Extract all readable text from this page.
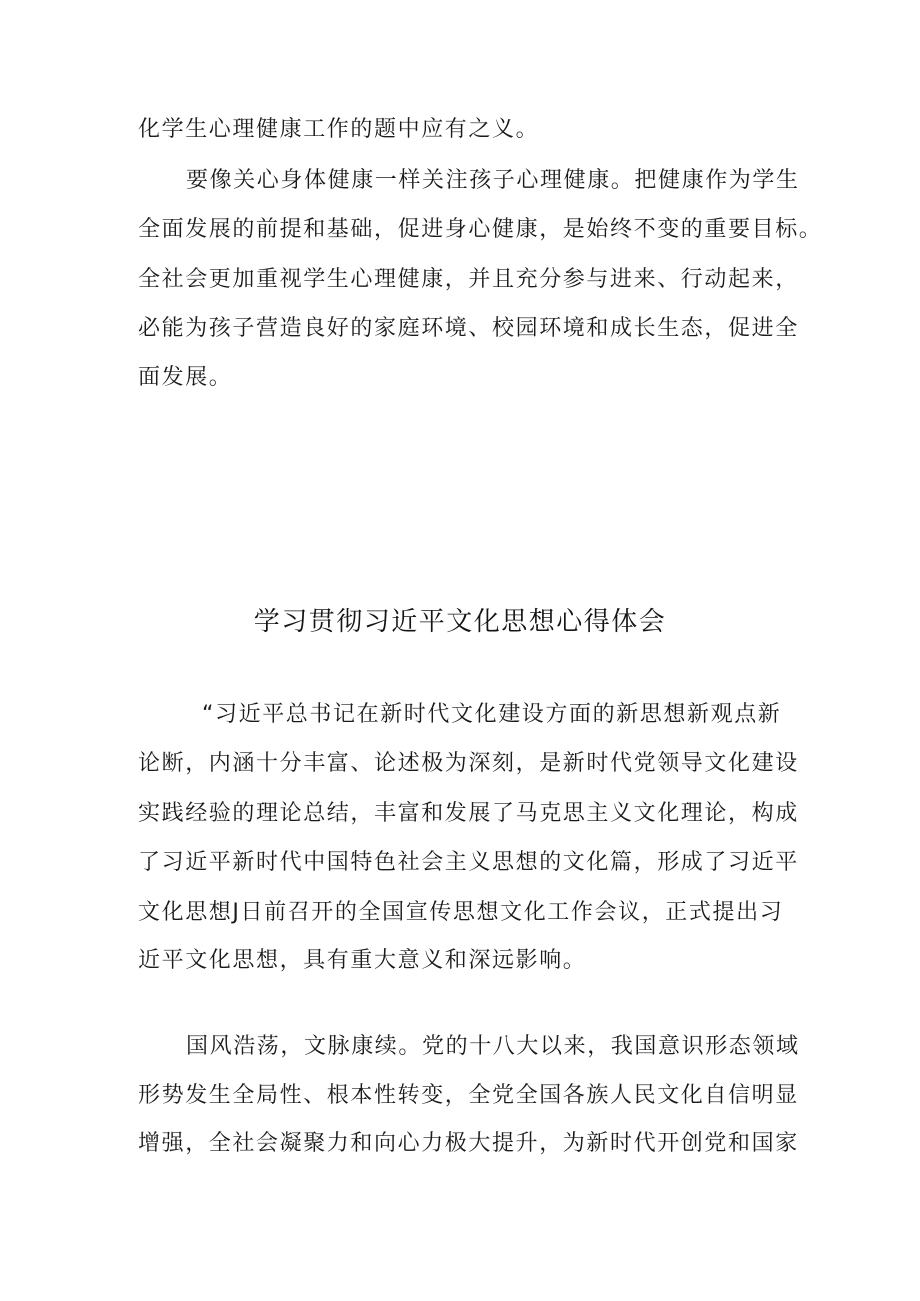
化学生心理健康工作的题中应有之义。
要像关心身体健康一样关注孩子心理健康。把健康作为学生
全面发展的前提和基础，促进身心健康，是始终不变的重要目标。
全社会更加重视学生心理健康，并且充分参与进来、行动起来，
必能为孩子营造良好的家庭环境、校园环境和成长生态，促进全
面发展。
学习贯彻习近平文化思想心得体会
“习近平总书记在新时代文化建设方面的新思想新观点新
论断，内涵十分丰富、论述极为深刻，是新时代党领导文化建设
实践经验的理论总结，丰富和发展了马克思主义文化理论，构成
了习近平新时代中国特色社会主义思想的文化篇，形成了习近平
文化思想J日前召开的全国宣传思想文化工作会议，正式提出习
近平文化思想，具有重大意义和深远影响。
国风浩荡，文脉康续。党的十八大以来，我国意识形态领域
形势发生全局性、根本性转变，全党全国各族人民文化自信明显
增强，全社会凝聚力和向心力极大提升，为新时代开创党和国家
